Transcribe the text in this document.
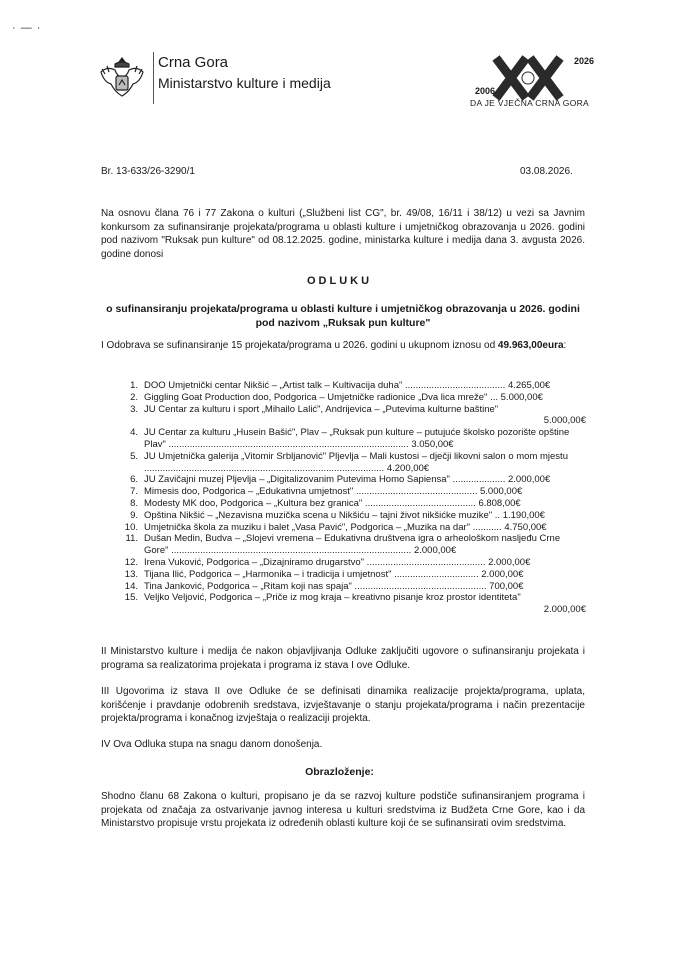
· — ·
Crna Gora
Ministarstvo kulture i medija
2026
2006
DA JE VJEČNA CRNA GORA
Br. 13-633/26-3290/1	03.08.2026.
Na osnovu člana 76 i 77 Zakona o kulturi („Službeni list CG", br. 49/08, 16/11 i 38/12) u vezi sa Javnim konkursom za sufinansiranje projekata/programa u oblasti kulture i umjetničkog obrazovanja u 2026. godini pod nazivom "Ruksak pun kulture" od 08.12.2025. godine, ministarka kulture i medija dana 3. avgusta 2026. godine donosi
ODLUKU
o sufinansiranju projekata/programa u oblasti kulture i umjetničkog obrazovanja u 2026. godini pod nazivom „Ruksak pun kulture"
I Odobrava se sufinansiranje 15 projekata/programa u 2026. godini u ukupnom iznosu od 49.963,00eura:
1. DOO Umjetnički centar Nikšić – „Artist talk – Kultivacija duha" ...................................... 4.265,00€
2. Giggling Goat Production doo, Podgorica – Umjetničke radionice „Dva lica mreže" ... 5.000,00€
3. JU Centar za kulturu i sport „Mihailo Lalić", Andrijevica – „Putevima kulturne baštine"
5.000,00€
4. JU Centar za kulturu „Husein Bašić", Plav – „Ruksak pun kulture – putujuće školsko pozorište opštine Plav" ........................................................................................... 3.050,00€
5. JU Umjetnička galerija „Vitomir Srbljanović" Pljevlja – Mali kustosi – dječji likovni salon o mom mjestu ........................................................................................... 4.200,00€
6. JU Zavičajni muzej Pljevlja – „Digitalizovanim Putevima Homo Sapiensa" .................... 2.000,00€
7. Mimesis doo, Podgorica – „Edukativna umjetnost" .............................................. 5.000,00€
8. Modesty MK doo, Podgorica – „Kultura bez granica" .......................................... 6.808,00€
9. Opština Nikšić – „Nezavisna muzička scena u Nikšiću – tajni život nikšićke muzike" .. 1.190,00€
10. Umjetnička škola za muziku i balet „Vasa Pavić", Podgorica – „Muzika na dar" ........... 4.750,00€
11. Dušan Medin, Budva – „Slojevi vremena – Edukativna društvena igra o arheološkom nasljeđu Crne Gore" ........................................................................................... 2.000,00€
12. Irena Vuković, Podgorica – „Dizajniramo drugarstvo" ............................................. 2.000,00€
13. Tijana Ilić, Podgorica – „Harmonika – i tradicija i umjetnost" ................................ 2.000,00€
14. Tina Janković, Podgorica – „Ritam koji nas spaja" .................................................. 700,00€
15. Veljko Veljović, Podgorica – „Priče iz mog kraja – kreativno pisanje kroz prostor identiteta"
2.000,00€
II Ministarstvo kulture i medija će nakon objavljivanja Odluke zaključiti ugovore o sufinansiranju projekata i programa sa realizatorima projekata i programa iz stava I ove Odluke.
III Ugovorima iz stava II ove Odluke će se definisati dinamika realizacije projekta/programa, uplata, korišćenje i pravdanje odobrenih sredstava, izvještavanje o stanju projekata/programa i način prezentacije projekta/programa i konačnog izvještaja o realizaciji projekta.
IV Ova Odluka stupa na snagu danom donošenja.
Obrazloženje:
Shodno članu 68 Zakona o kulturi, propisano je da se razvoj kulture podstiče sufinansiranjem programa i projekata od značaja za ostvarivanje javnog interesa u kulturi sredstvima iz Budžeta Crne Gore, kao i da Ministarstvo propisuje vrstu projekata iz određenih oblasti kulture koji će se sufinansirati ovim sredstvima.
